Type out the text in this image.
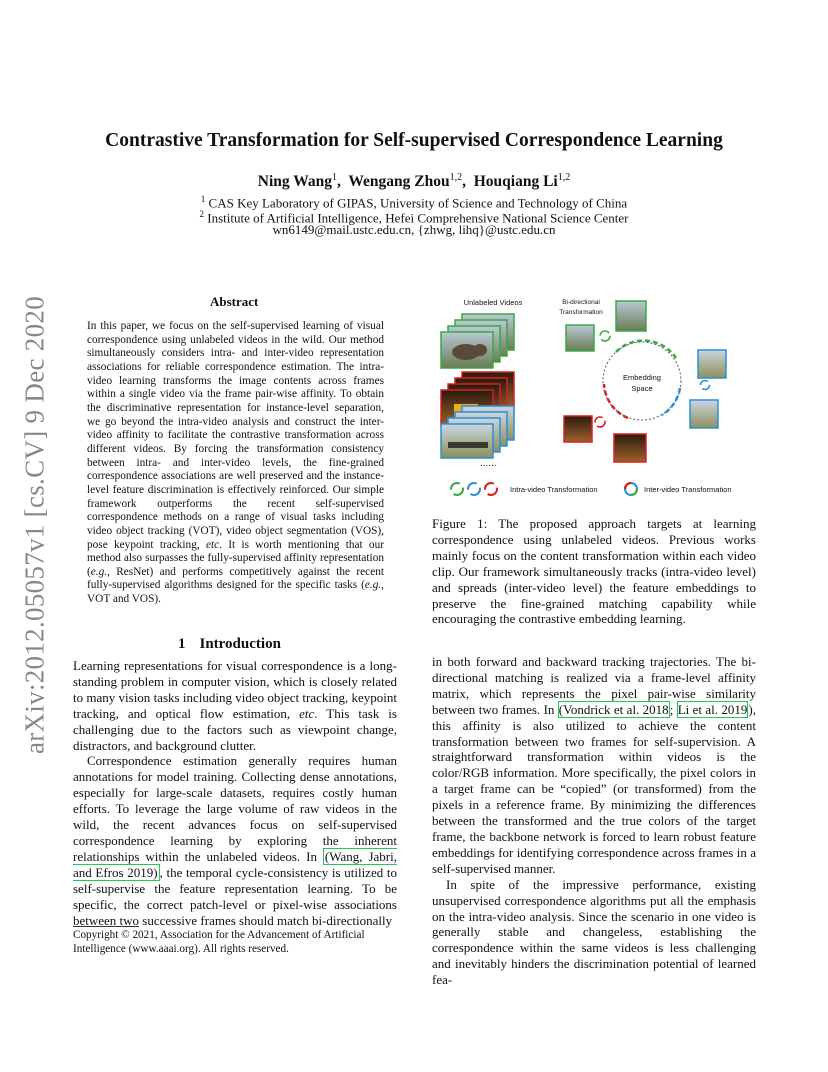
arXiv:2012.05057v1 [cs.CV] 9 Dec 2020
Contrastive Transformation for Self-supervised Correspondence Learning
Ning Wang$^1$,  Wengang Zhou$^{1,2}$,  Houqiang Li$^{1,2}$
$^1$ CAS Key Laboratory of GIPAS, University of Science and Technology of China
$^2$ Institute of Artificial Intelligence, Hefei Comprehensive National Science Center
wn6149@mail.ustc.edu.cn, {zhwg, lihq}@ustc.edu.cn
Abstract
In this paper, we focus on the self-supervised learning of visual correspondence using unlabeled videos in the wild. Our method simultaneously considers intra- and inter-video representation associations for reliable correspondence estimation. The intra-video learning transforms the image contents across frames within a single video via the frame pair-wise affinity. To obtain the discriminative representation for instance-level separation, we go beyond the intra-video analysis and construct the inter-video affinity to facilitate the contrastive transformation across different videos. By forcing the transformation consistency between intra- and inter-video levels, the fine-grained correspondence associations are well preserved and the instance-level feature discrimination is effectively reinforced. Our simple framework outperforms the recent self-supervised correspondence methods on a range of visual tasks including video object tracking (VOT), video object segmentation (VOS), pose keypoint tracking, etc. It is worth mentioning that our method also surpasses the fully-supervised affinity representation (e.g., ResNet) and performs competitively against the recent fully-supervised algorithms designed for the specific tasks (e.g., VOT and VOS).
1 Introduction

Learning representations for visual correspondence is a long-standing problem in computer vision, which is closely related to many vision tasks including video object tracking, keypoint tracking, and optical flow estimation, etc. This task is challenging due to the factors such as viewpoint change, distractors, and background clutter.

Correspondence estimation generally requires human annotations for model training. Collecting dense annotations, especially for large-scale datasets, requires costly human efforts. To leverage the large volume of raw videos in the wild, the recent advances focus on self-supervised correspondence learning by exploring the inherent relationships within the unlabeled videos. In (Wang, Jabri, and Efros 2019) , the temporal cycle-consistency is utilized to self-supervise the feature representation learning. To be specific, the correct patch-level or pixel-wise associations between two successive frames should match bi-directionally

Copyright © 2021, Association for the Advancement of Artificial Intelligence (www.aaai.org). All rights reserved.
Unlabeled Videos	Bi-directional
Transformation
......
Embedding
Space
Intra-video Transformation	Inter-video Transformation
Figure 1: The proposed approach targets at learning correspondence using unlabeled videos. Previous works mainly focus on the content transformation within each video clip. Our framework simultaneously tracks (intra-video level) and spreads (inter-video level) the feature embeddings to preserve the fine-grained matching capability while encouraging the contrastive embedding learning.

in both forward and backward tracking trajectories. The bi-directional matching is realized via a frame-level affinity matrix, which represents the pixel pair-wise similarity between two frames. In (Vondrick et al. 2018; Li et al. 2019), this affinity is also utilized to achieve the content transformation between two frames for self-supervision. A straightforward transformation within videos is the color/RGB information. More specifically, the pixel colors in a target frame can be “copied” (or transformed) from the pixels in a reference frame. By minimizing the differences between the transformed and the true colors of the target frame, the backbone network is forced to learn robust feature embeddings for identifying correspondence across frames in a self-supervised manner.

In spite of the impressive performance, existing unsupervised correspondence algorithms put all the emphasis on the intra-video analysis. Since the scenario in one video is generally stable and changeless, establishing the correspondence within the same videos is less challenging and inevitably hinders the discrimination potential of learned fea-
